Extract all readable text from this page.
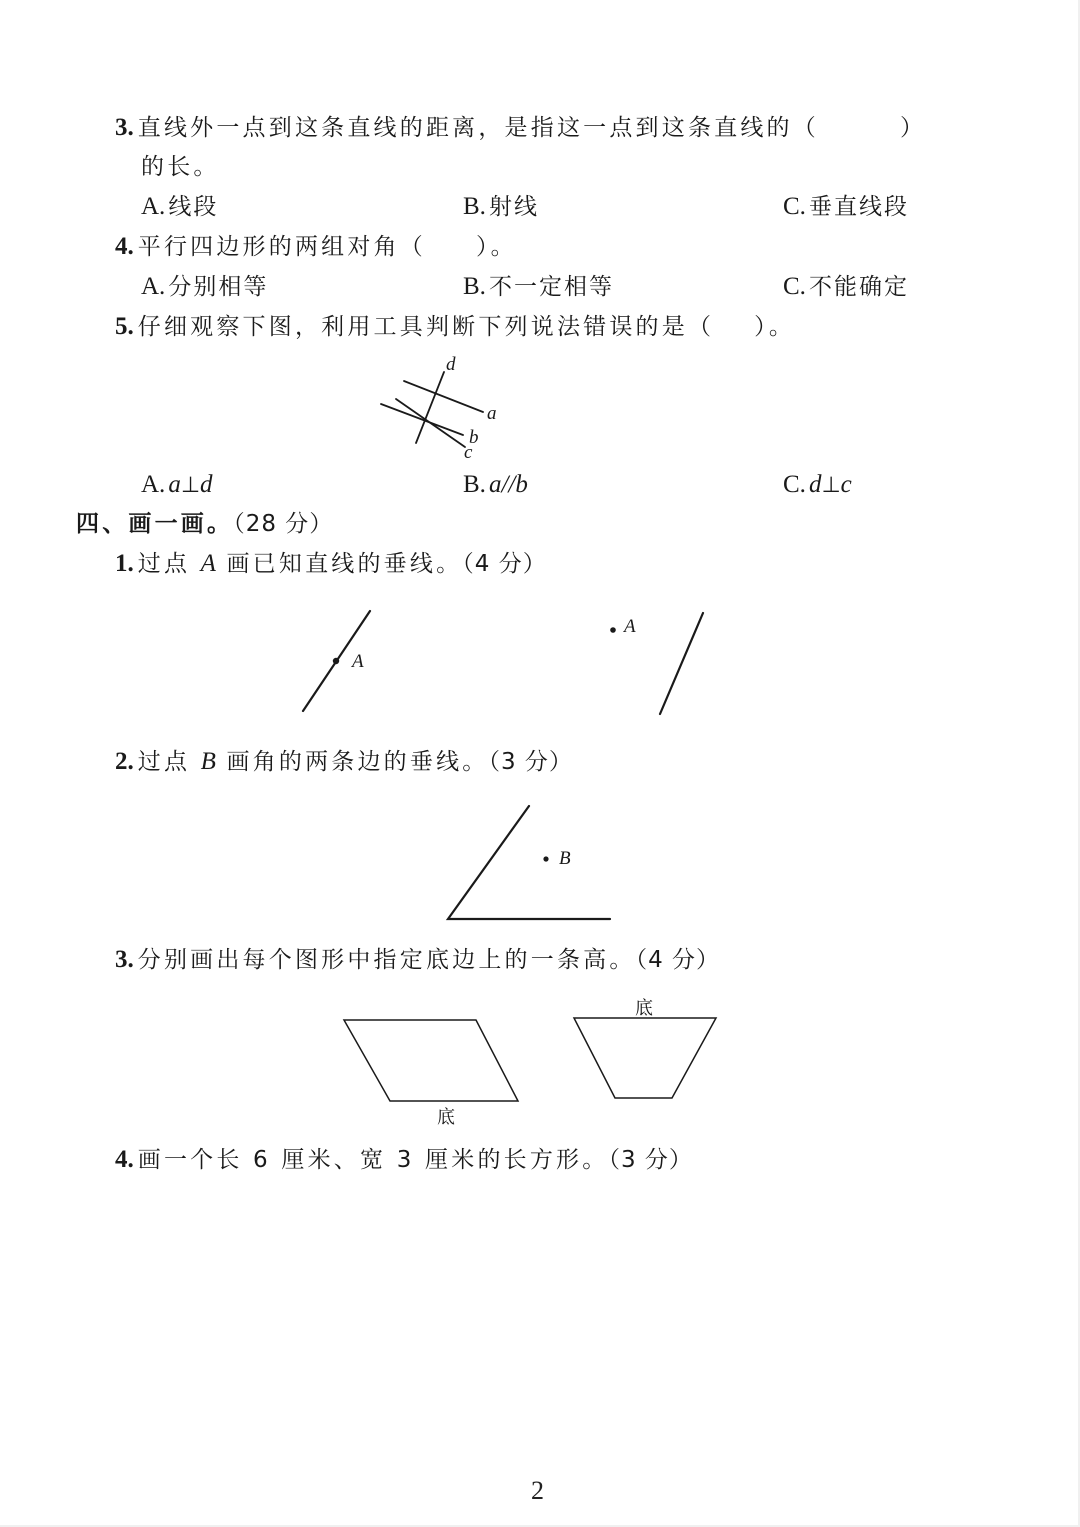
3. 直线外一点到这条直线的距离，是指这一点到这条直线的（	）
的长。
A. 线段	B. 射线	C. 垂直线段
4. 平行四边形的两组对角（ ）。
A. 分别相等	B. 不一定相等	C. 不能确定
5. 仔细观察下图，利用工具判断下列说法错误的是（ ）。
A. a⊥d	B. a//b	C. d⊥c
四、画一画。（28 分）
1. 过点 A 画已知直线的垂线。（4 分）
2. 过点 B 画角的两条边的垂线。（3 分）
3. 分别画出每个图形中指定底边上的一条高。（4 分）
4. 画一个长 6 厘米、宽 3 厘米的长方形。（3 分）
d
a
b
c
A
A
B
底
底
2
